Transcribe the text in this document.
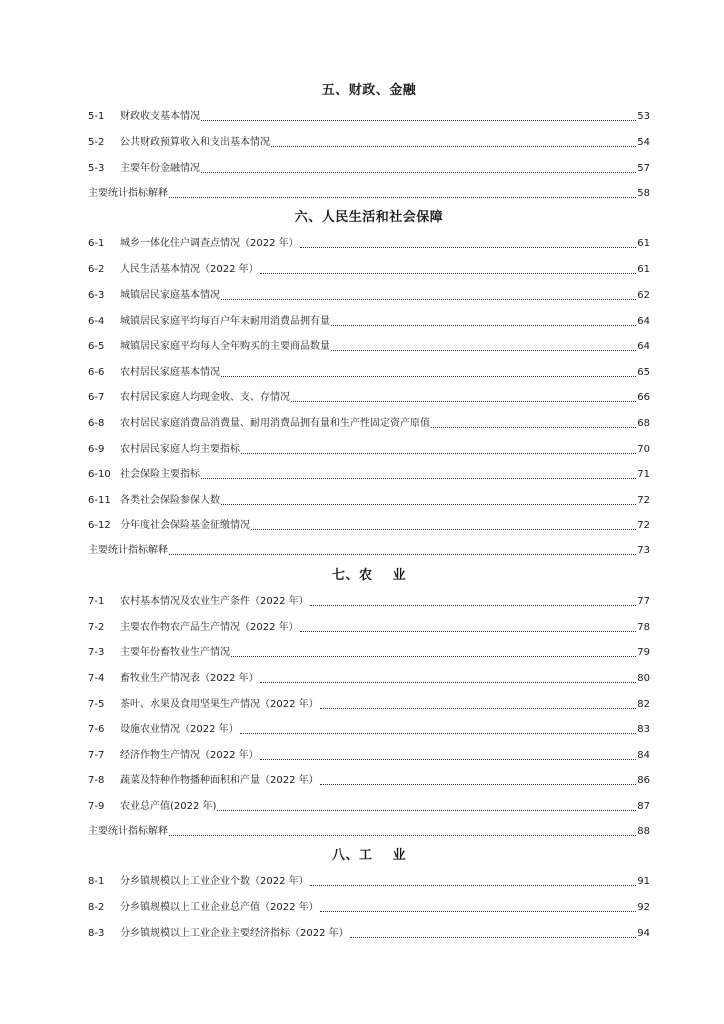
五、财政、金融
5-1	财政收支基本情况	53
5-2	公共财政预算收入和支出基本情况	54
5-3	主要年份金融情况	57
主要统计指标解释	58
六、人民生活和社会保障
6-1	城乡一体化住户调查点情况（2022 年）	61
6-2	人民生活基本情况（2022 年）	61
6-3	城镇居民家庭基本情况	62
6-4	城镇居民家庭平均每百户年末耐用消费品拥有量	64
6-5	城镇居民家庭平均每人全年购买的主要商品数量	64
6-6	农村居民家庭基本情况	65
6-7	农村居民家庭人均现金收、支、存情况	66
6-8	农村居民家庭消费品消费量、耐用消费品拥有量和生产性固定资产原值	68
6-9	农村居民家庭人均主要指标	70
6-10 社会保险主要指标	71
6-11 各类社会保险参保人数	72
6-12 分年度社会保险基金征缴情况	72
主要统计指标解释	73
七、农    业
7-1	农村基本情况及农业生产条件（2022 年）	77
7-2	主要农作物农产品生产情况（2022 年）	78
7-3	主要年份畜牧业生产情况	79
7-4	畜牧业生产情况表（2022 年）	80
7-5	茶叶、水果及食用坚果生产情况（2022 年）	82
7-6	设施农业情况（2022 年）	83
7-7	经济作物生产情况（2022 年）	84
7-8	蔬菜及特种作物播种面积和产量（2022 年）	86
7-9	农业总产值(2022 年)	87
主要统计指标解释	88
八、工    业
8-1	分乡镇规模以上工业企业个数（2022 年）	91
8-2	分乡镇规模以上工业企业总产值（2022 年）	92
8-3	分乡镇规模以上工业企业主要经济指标（2022 年）	94
